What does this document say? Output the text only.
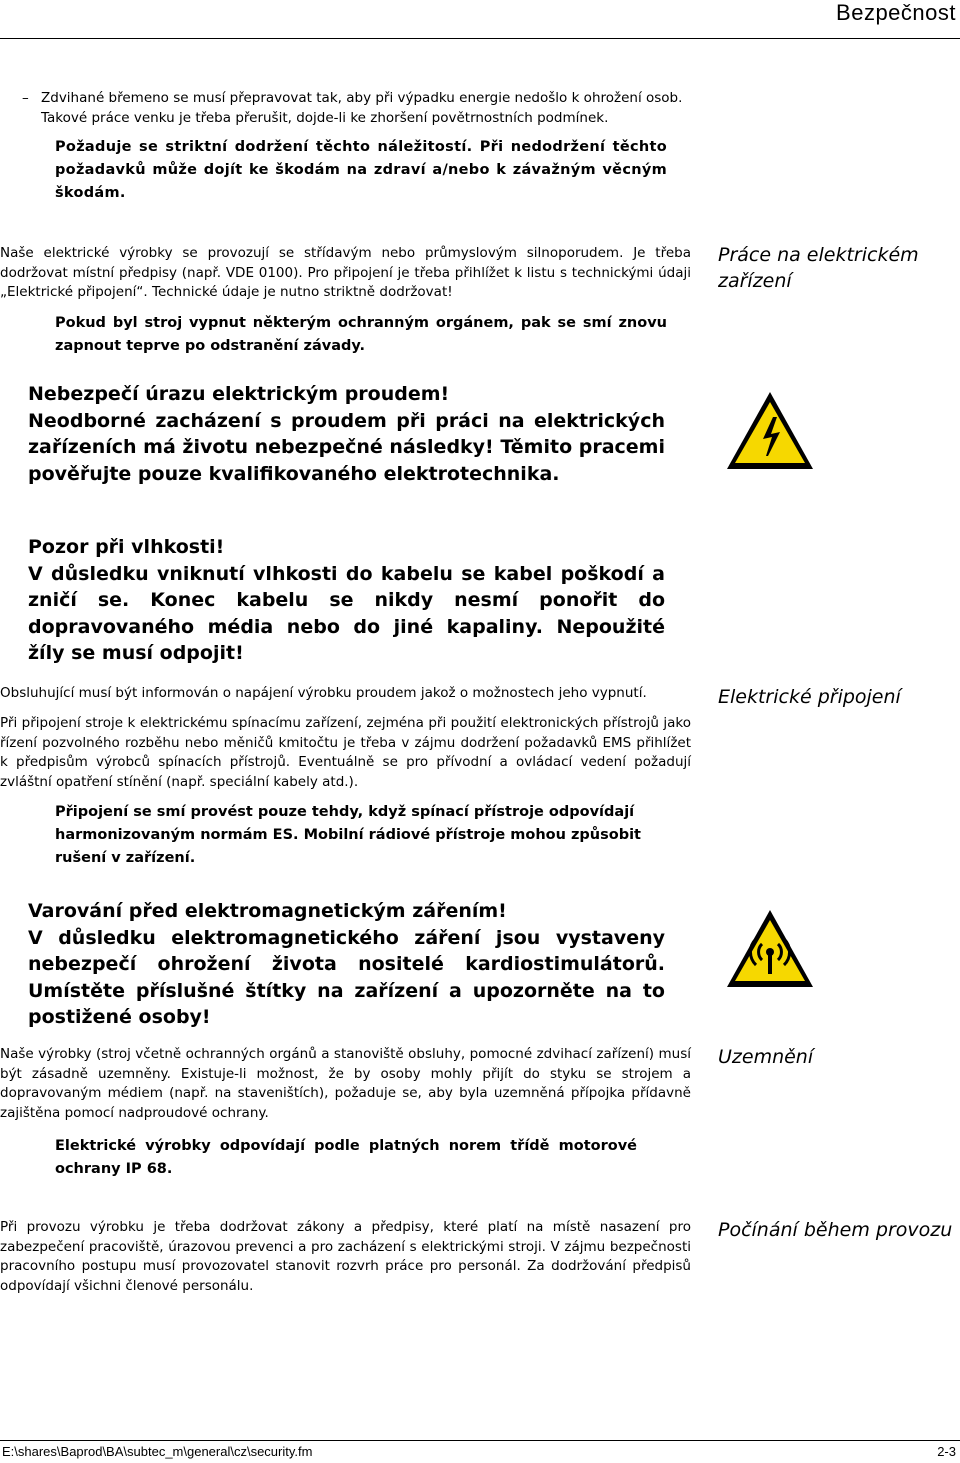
Bezpečnost
– Zdvihané břemeno se musí přepravovat tak, aby při výpadku energie nedošlo k ohrožení osob. Takové práce venku je třeba přerušit, dojde-li ke zhoršení povětrnostních podmínek.
Požaduje se striktní dodržení těchto náležitostí. Při nedodržení těchto požadavků může dojít ke škodám na zdraví a/nebo k závažným věcným škodám.
Práce na elektrickém zařízení
Naše elektrické výrobky se provozují se střídavým nebo průmyslovým silnoporudem. Je třeba dodržovat místní předpisy (např. VDE 0100). Pro připojení je třeba přihlížet k listu s technickými údaji „Elektrické připojení“. Technické údaje je nutno striktně dodržovat!
Pokud byl stroj vypnut některým ochranným orgánem, pak se smí znovu zapnout teprve po odstranění závady.
Nebezpečí úrazu elektrickým proudem!
Neodborné zacházení s proudem při práci na elektrických zařízeních má životu nebezpečné následky! Těmito pracemi pověřujte pouze kvalifikovaného elektrotechnika.
Pozor při vlhkosti!
V důsledku vniknutí vlhkosti do kabelu se kabel poškodí a zničí se. Konec kabelu se nikdy nesmí ponořit do dopravovaného média nebo do jiné kapaliny. Nepoužité žíly se musí odpojit!
Elektrické připojení
Obsluhující musí být informován o napájení výrobku proudem jakož o možnostech jeho vypnutí.
Při připojení stroje k elektrickému spínacímu zařízení, zejména při použití elektronických přístrojů jako řízení pozvolného rozběhu nebo měničů kmitočtu je třeba v zájmu dodržení požadavků EMS přihlížet k předpisům výrobců spínacích přístrojů. Eventuálně se pro přívodní a ovládací vedení požadují zvláštní opatření stínění (např. speciální kabely atd.).
Připojení se smí provést pouze tehdy, když spínací přístroje odpovídají harmonizovaným normám ES. Mobilní rádiové přístroje mohou způsobit rušení v zařízení.
Varování před elektromagnetickým zářením!
V důsledku elektromagnetického záření jsou vystaveny nebezpečí ohrožení života nositelé kardiostimulátorů. Umístěte příslušné štítky na zařízení a upozorněte na to postižené osoby!
Uzemnění
Naše výrobky (stroj včetně ochranných orgánů a stanoviště obsluhy, pomocné zdvihací zařízení) musí být zásadně uzemněny. Existuje-li možnost, že by osoby mohly přijít do styku se strojem a dopravovaným médiem (např. na staveništích), požaduje se, aby byla uzemněná přípojka přídavně zajištěna pomocí nadproudové ochrany.
Elektrické výrobky odpovídají podle platných norem třídě motorové ochrany IP 68.
Počínání během provozu
Při provozu výrobku je třeba dodržovat zákony a předpisy, které platí na místě nasazení pro zabezpečení pracoviště, úrazovou prevenci a pro zacházení s elektrickými stroji. V zájmu bezpečnosti pracovního postupu musí provozovatel stanovit rozvrh práce pro personál. Za dodržování předpisů odpovídají všichni členové personálu.
E:\shares\Baprod\BA\subtec_m\general\cz\security.fm	2-3
